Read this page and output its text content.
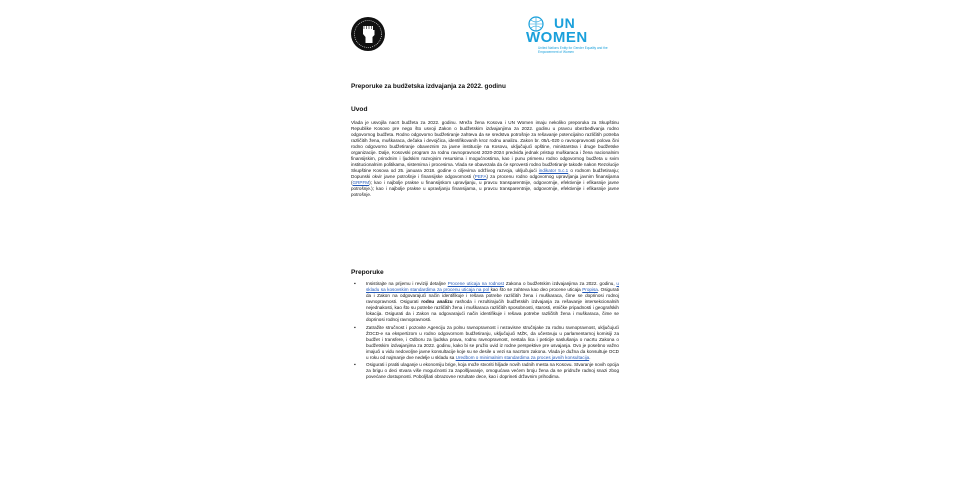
UN
WOMEN
United Nations Entity for Gender Equality and the Empowerment of Women
Preporuke za budžetska izdvajanja za 2022. godinu
Uvod

Vlada je usvojila nacrt budžeta za 2022. godinu. Mreža žena Kosova i UN Women imaju nekoliko preporuka za Skupštinu Republike Kosovo pre nego što usvoji Zakon o budžetskim izdvajanjima za 2022. godinu u pravcu obezbeđivanja rodno odgovornog budžeta. Rodno odgovorno budžetiranje zahteva da se sredstva potrošnje za rešavanje potencijalno različitih potreba različitih žena, muškaraca, dečaka i devojčica, identifikovanih kroz rodnu analizu. Zakon br. 05/L-020 o ravnopravnosti polova čini rodno odgovorno budžetiranje obaveznim za javne institucije na Kosovu, uključujući opštine, ministarstva i druge budžetske organizacije. Dalje, Kosovski program za rodnu ravnopravnost 2020-2024 predviđa jednak pristup muškaraca i žena nacionalnim finansijskim, prirodnim i ljudskim razvojnim resursima i mogućnostima, kao i punu primenu rodno odgovornog budžeta u svim institucionalnim politikama, sistemima i procesima. Vlada se obavezala da će sprovesti rodno budžetiranje takođe nakon Rezolucije Skupštine Kosova od 25. januara 2018. godine o cilјevima održivog razvoja, uključujući indikator 5.c.1 o rodnom budžetiranju; Dopunski okvir javne potrošnje i finansijske odgovornosti (PEFA) za procenu rodno odgovornog upravlјanja javnim finansijama (GRPFM); kao i najbolјe prakse u finansijskom upravljanju, u pravcu transparentnije, odgovornije, efektivnije i efikasnije javne potrošnje.); kao i najbolјe prakse u upravljanju finansijama, u pravcu transparentnije, odgovornije, efektivnije i efikasnije javne potrošnje.

Preporuke
▪	Insistirajte na prijemu i reviziji detaljne Procene uticaja na rodnost Zakona o budžetskim izdvajanjima za 2022. godinu, u skladu sa kosovskim standardima za procenu uticaja na pol kao što se zahteva kao deo procene uticaja Propisa. Osigurati da i Zakon na odgovarajući način identifikuje i rešava potrebe različitih žena i muškaraca, čime se doprinosi rodnoj ravnopravnosti. Osigurati rodnu analizu rashoda i rezultirajućih budžetskih izdvajanja za rešavanje intersekcionalnih nejednakosti, kao što su potrebe različitih žena i muškaraca različitih sposobnosti, starosti, etničke pripadnosti i geografskih lokacija. Osigurati da i Zakon na odgovarajući način identifikuje i rešava potrebe različitih žena i muškaraca, čime se doprinosi rodnoj ravnopravnosti.
▪	Zatražite stručnost i pozovite Agenciju za polnu ravnopravnost i nezavisne stručnjake za rodnu ravnopravnost, uključujući ŽOCD-e sa ekspertizom u rodno odgovornom budžetiranju, uključujući MŽK, da učestvuju u parlamentarnoj komisiji za budžet i transfere, i Odboru za ljudska prava, rodnu ravnopravnost, nestala lica i peticije saslušanja o nacrtu Zakona o budžetskim izdvajanjima za 2022. godinu, kako bi se pružio uvid iz rodne perspektive pre usvajanja. Ovo je posebno važno imajući u vidu nedovolјne javne konsultacije koje su se desile u vezi sa nacrtom zakona. Vlada je dužna da konsultuje OCD u roku od najmanje dve nedelјe u skladu sa Uredbom o minimalnim standardima za proces javnih konsultacija.
▪	Osigurati i pratiti ulaganje u ekonomiju brige, koja može stvoriti hilјade novih radnih mesta na Kosovu. Stvaranje novih opcija za brigu o deci stvara više mogućnosti za zapošljavanje, omogućava većem broju žena da se pridruže radnoj snazi zbog povećane dostupnosti. Poboljšati obrazovne rezultate dece, kao i doprineti državnim prihodima.
